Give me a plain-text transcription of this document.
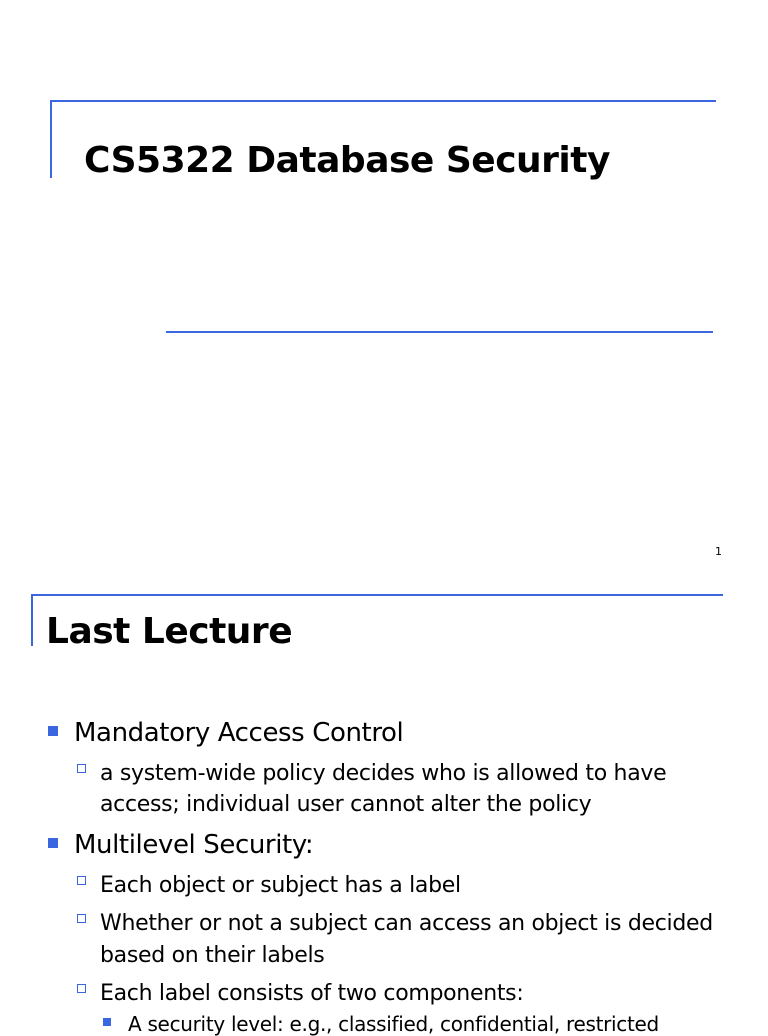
CS5322 Database Security
1
Last Lecture
Mandatory Access Control
a system-wide policy decides who is allowed to have
access; individual user cannot alter the policy
Multilevel Security:
Each object or subject has a label
Whether or not a subject can access an object is decided
based on their labels
Each label consists of two components:
A security level: e.g., classified, confidential, restricted
